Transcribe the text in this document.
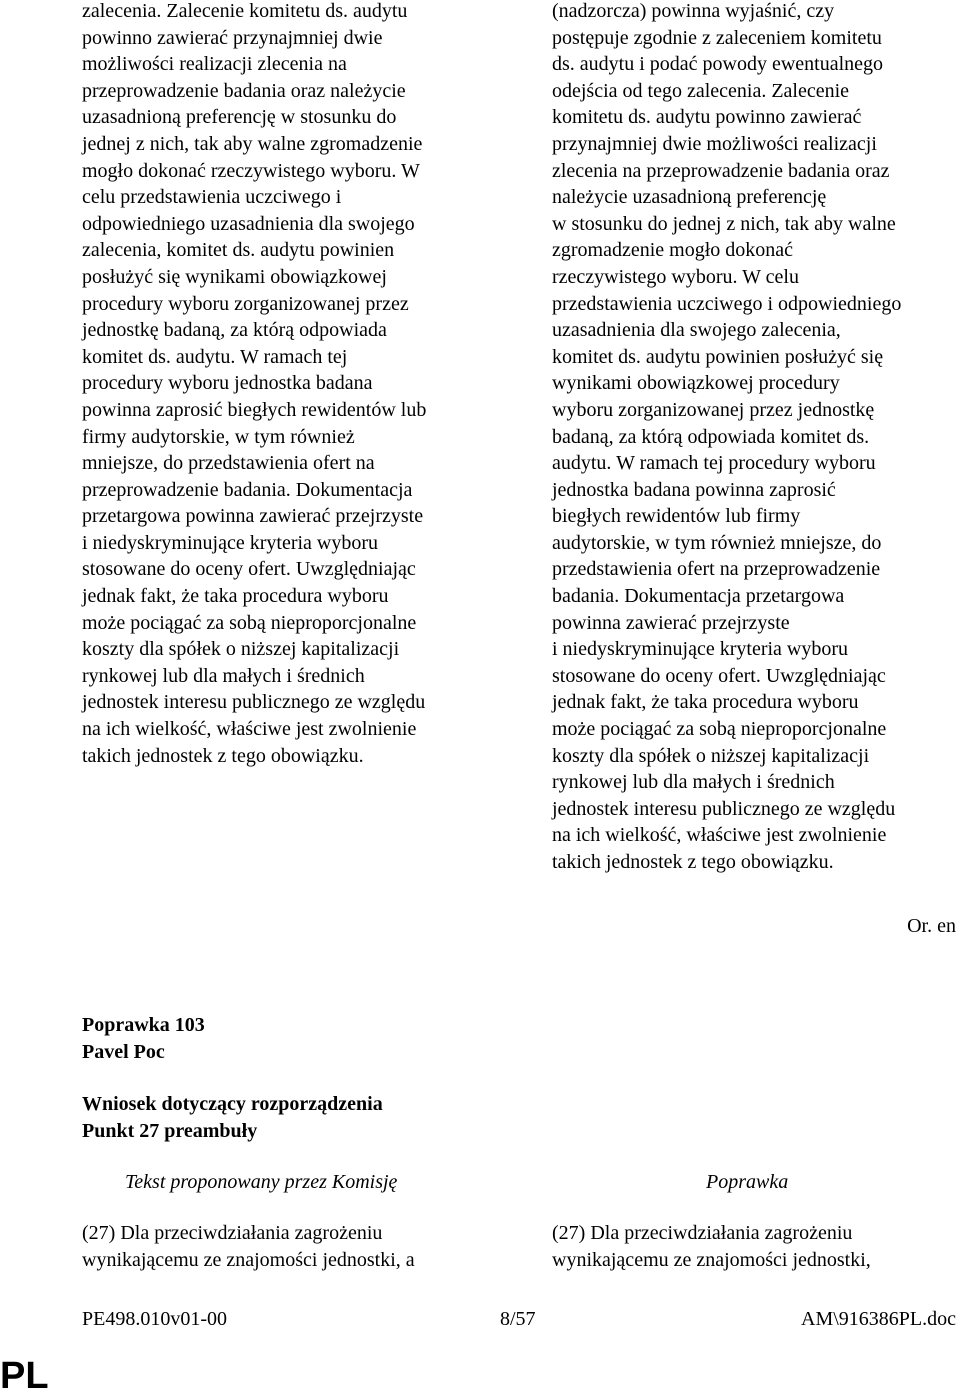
zalecenia. Zalecenie komitetu ds. audytu
powinno zawierać przynajmniej dwie
możliwości realizacji zlecenia na
przeprowadzenie badania oraz należycie
uzasadnioną preferencję w stosunku do
jednej z nich, tak aby walne zgromadzenie
mogło dokonać rzeczywistego wyboru. W
celu przedstawienia uczciwego i
odpowiedniego uzasadnienia dla swojego
zalecenia, komitet ds. audytu powinien
posłużyć się wynikami obowiązkowej
procedury wyboru zorganizowanej przez
jednostkę badaną, za którą odpowiada
komitet ds. audytu. W ramach tej
procedury wyboru jednostka badana
powinna zaprosić biegłych rewidentów lub
firmy audytorskie, w tym również
mniejsze, do przedstawienia ofert na
przeprowadzenie badania. Dokumentacja
przetargowa powinna zawierać przejrzyste
i niedyskryminujące kryteria wyboru
stosowane do oceny ofert. Uwzględniając
jednak fakt, że taka procedura wyboru
może pociągać za sobą nieproporcjonalne
koszty dla spółek o niższej kapitalizacji
rynkowej lub dla małych i średnich
jednostek interesu publicznego ze względu
na ich wielkość, właściwe jest zwolnienie
takich jednostek z tego obowiązku.
(nadzorcza) powinna wyjaśnić, czy
postępuje zgodnie z zaleceniem komitetu
ds. audytu i podać powody ewentualnego
odejścia od tego zalecenia. Zalecenie
komitetu ds. audytu powinno zawierać
przynajmniej dwie możliwości realizacji
zlecenia na przeprowadzenie badania oraz
należycie uzasadnioną preferencję
w stosunku do jednej z nich, tak aby walne
zgromadzenie mogło dokonać
rzeczywistego wyboru. W celu
przedstawienia uczciwego i odpowiedniego
uzasadnienia dla swojego zalecenia,
komitet ds. audytu powinien posłużyć się
wynikami obowiązkowej procedury
wyboru zorganizowanej przez jednostkę
badaną, za którą odpowiada komitet ds.
audytu. W ramach tej procedury wyboru
jednostka badana powinna zaprosić
biegłych rewidentów lub firmy
audytorskie, w tym również mniejsze, do
przedstawienia ofert na przeprowadzenie
badania. Dokumentacja przetargowa
powinna zawierać przejrzyste
i niedyskryminujące kryteria wyboru
stosowane do oceny ofert. Uwzględniając
jednak fakt, że taka procedura wyboru
może pociągać za sobą nieproporcjonalne
koszty dla spółek o niższej kapitalizacji
rynkowej lub dla małych i średnich
jednostek interesu publicznego ze względu
na ich wielkość, właściwe jest zwolnienie
takich jednostek z tego obowiązku.
Or. en
Poprawka 103
Pavel Poc
Wniosek dotyczący rozporządzenia
Punkt 27 preambuły
Tekst proponowany przez Komisję	Poprawka
(27) Dla przeciwdziałania zagrożeniu
wynikającemu ze znajomości jednostki, a
(27) Dla przeciwdziałania zagrożeniu
wynikającemu ze znajomości jednostki,
PE498.010v01-00	8/57	AM\916386PL.doc
PL
